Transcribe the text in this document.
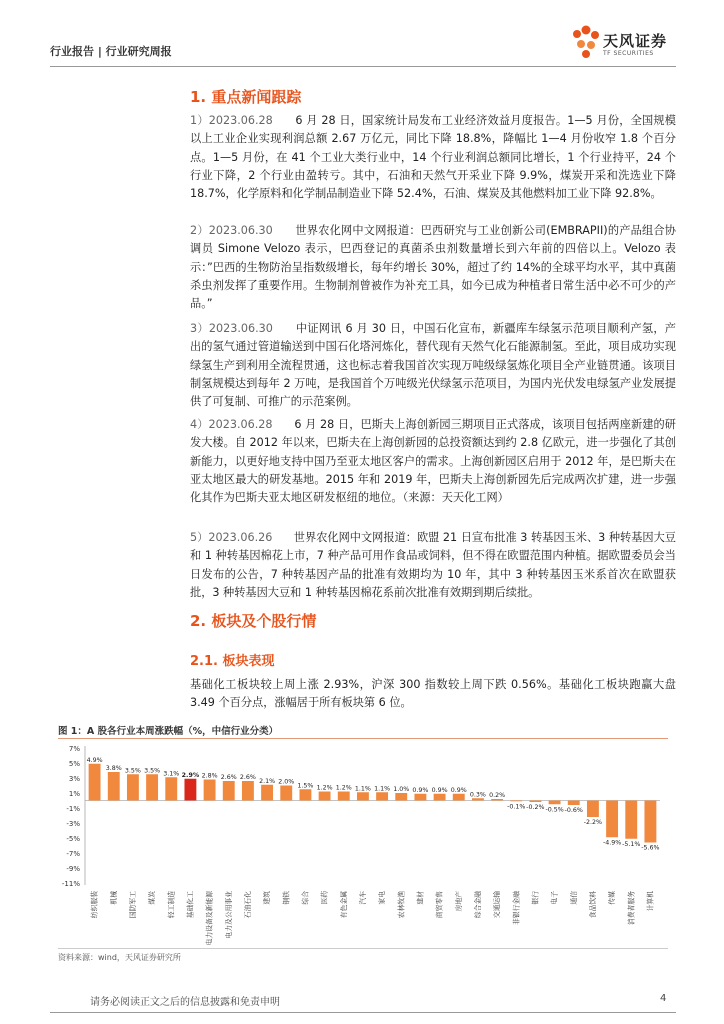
行业报告 | 行业研究周报
天风证券
TF SECURITIES
1. 重点新闻跟踪
1）2023.06.28 6 月 28 日，国家统计局发布工业经济效益月度报告。1—5 月份，全国规模以上工业企业实现利润总额 2.67 万亿元，同比下降 18.8%，降幅比 1—4 月份收窄 1.8 个百分点。1—5 月份，在 41 个工业大类行业中，14 个行业利润总额同比增长，1 个行业持平，24 个行业下降，2 个行业由盈转亏。其中，石油和天然气开采业下降 9.9%，煤炭开采和洗选业下降 18.7%，化学原料和化学制品制造业下降 52.4%，石油、煤炭及其他燃料加工业下降 92.8%。
2）2023.06.30 世界农化网中文网报道：巴西研究与工业创新公司(EMBRAPII)的产品组合协调员 Simone Velozo 表示，巴西登记的真菌杀虫剂数量增长到六年前的四倍以上。Velozo 表示：”巴西的生物防治呈指数级增长，每年约增长 30%，超过了约 14%的全球平均水平，其中真菌杀虫剂发挥了重要作用。生物制剂曾被作为补充工具，如今已成为种植者日常生活中必不可少的产品。”
3）2023.06.30 中证网讯 6 月 30 日，中国石化宣布，新疆库车绿氢示范项目顺利产氢，产出的氢气通过管道输送到中国石化塔河炼化，替代现有天然气化石能源制氢。至此，项目成功实现绿氢生产到利用全流程贯通，这也标志着我国首次实现万吨级绿氢炼化项目全产业链贯通。该项目制氢规模达到每年 2 万吨，是我国首个万吨级光伏绿氢示范项目，为国内光伏发电绿氢产业发展提供了可复制、可推广的示范案例。
4）2023.06.28 6 月 28 日，巴斯夫上海创新园三期项目正式落成，该项目包括两座新建的研发大楼。自 2012 年以来，巴斯夫在上海创新园的总投资额达到约 2.8 亿欧元，进一步强化了其创新能力，以更好地支持中国乃至亚太地区客户的需求。上海创新园区启用于 2012 年，是巴斯夫在亚太地区最大的研发基地。2015 年和 2019 年，巴斯夫上海创新园先后完成两次扩建，进一步强化其作为巴斯夫亚太地区研发枢纽的地位。（来源：天天化工网）
5）2023.06.26 世界农化网中文网报道：欧盟 21 日宣布批准 3 转基因玉米、3 种转基因大豆和 1 种转基因棉花上市，7 种产品可用作食品或饲料，但不得在欧盟范围内种植。据欧盟委员会当日发布的公告，7 种转基因产品的批准有效期均为 10 年，其中 3 种转基因玉米系首次在欧盟获批，3 种转基因大豆和 1 种转基因棉花系前次批准有效期到期后续批。
2. 板块及个股行情
2.1. 板块表现
基础化工板块较上周上涨 2.93%，沪深 300 指数较上周下跌 0.56%。基础化工板块跑赢大盘 3.49 个百分点，涨幅居于所有板块第 6 位。
图 1：A 股各行业本周涨跌幅（%，中信行业分类）
7%
5%
3%
1%
-1%
-3%
-5%
-7%
-9%
-11%
4.9%
3.8% 3.5% 3.5% 3.1% 2.9% 2.8% 2.6% 2.6%
2.1% 2.0%
1.5% 1.2% 1.2% 1.1% 1.1% 1.0% 0.9% 0.9% 0.9%
0.3% 0.2%
-0.1% -0.2% -0.5% -0.6%
-2.2%
-4.9% -5.1%
-5.6%
纺织服装 机械 国防军工 煤炭 轻工制造 基础化工 电力设备及新能源 电力及公用事业 石油石化 建筑 钢铁 综合 医药 有色金属 汽车 家电 农林牧渔 建材 商贸零售 房地产 综合金融 交通运输 非银行金融 银行 电子 通信 食品饮料 传媒 消费者服务 计算机
资料来源：wind，天风证券研究所
请务必阅读正文之后的信息披露和免责申明	4
